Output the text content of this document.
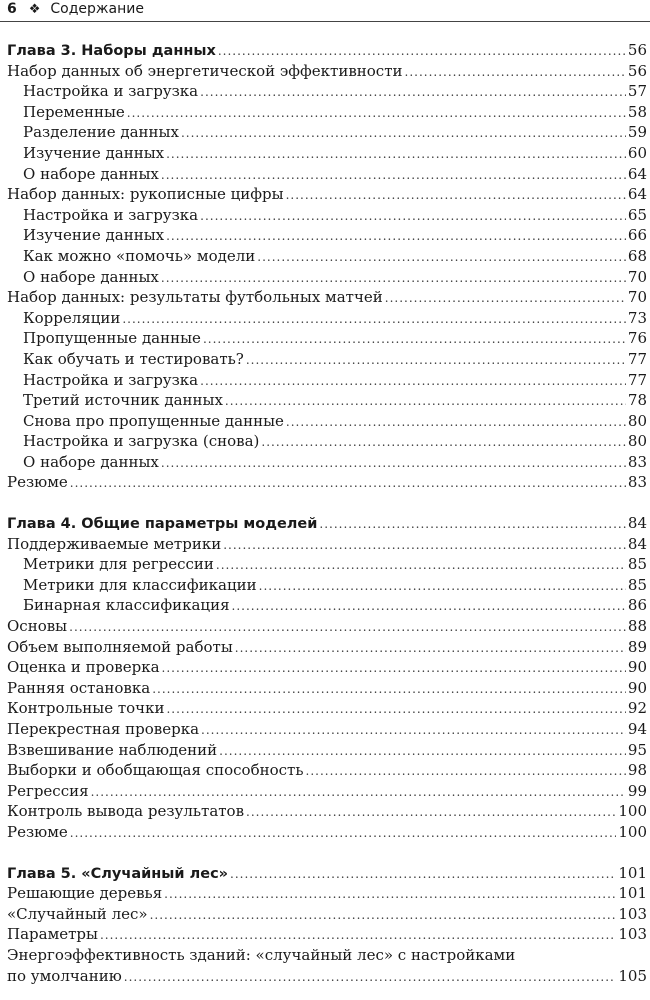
6 ❖ Содержание
Глава 3. Наборы данных .....	56
Набор данных об энергетической эффективности .....	56
Настройка и загрузка .....	57
Переменные .....	58
Разделение данных .....	59
Изучение данных .....	60
О наборе данных .....	64
Набор данных: рукописные цифры .....	64
Настройка и загрузка .....	65
Изучение данных .....	66
Как можно «помочь» модели .....	68
О наборе данных .....	70
Набор данных: результаты футбольных матчей .....	70
Корреляции .....	73
Пропущенные данные .....	76
Как обучать и тестировать? .....	77
Настройка и загрузка .....	77
Третий источник данных .....	78
Снова про пропущенные данные .....	80
Настройка и загрузка (снова) .....	80
О наборе данных .....	83
Резюме .....	83
Глава 4. Общие параметры моделей .....	84
Поддерживаемые метрики .....	84
Метрики для регрессии .....	85
Метрики для классификации .....	85
Бинарная классификация .....	86
Основы .....	88
Объем выполняемой работы .....	89
Оценка и проверка .....	90
Ранняя остановка .....	90
Контрольные точки .....	92
Перекрестная проверка .....	94
Взвешивание наблюдений .....	95
Выборки и обобщающая способность .....	98
Регрессия .....	99
Контроль вывода результатов .....	100
Резюме .....	100
Глава 5. «Случайный лес» .....	101
Решающие деревья .....	101
«Случайный лес» .....	103
Параметры .....	103
Энергоэффективность зданий: «случайный лес» с настройками
по умолчанию .....	105
